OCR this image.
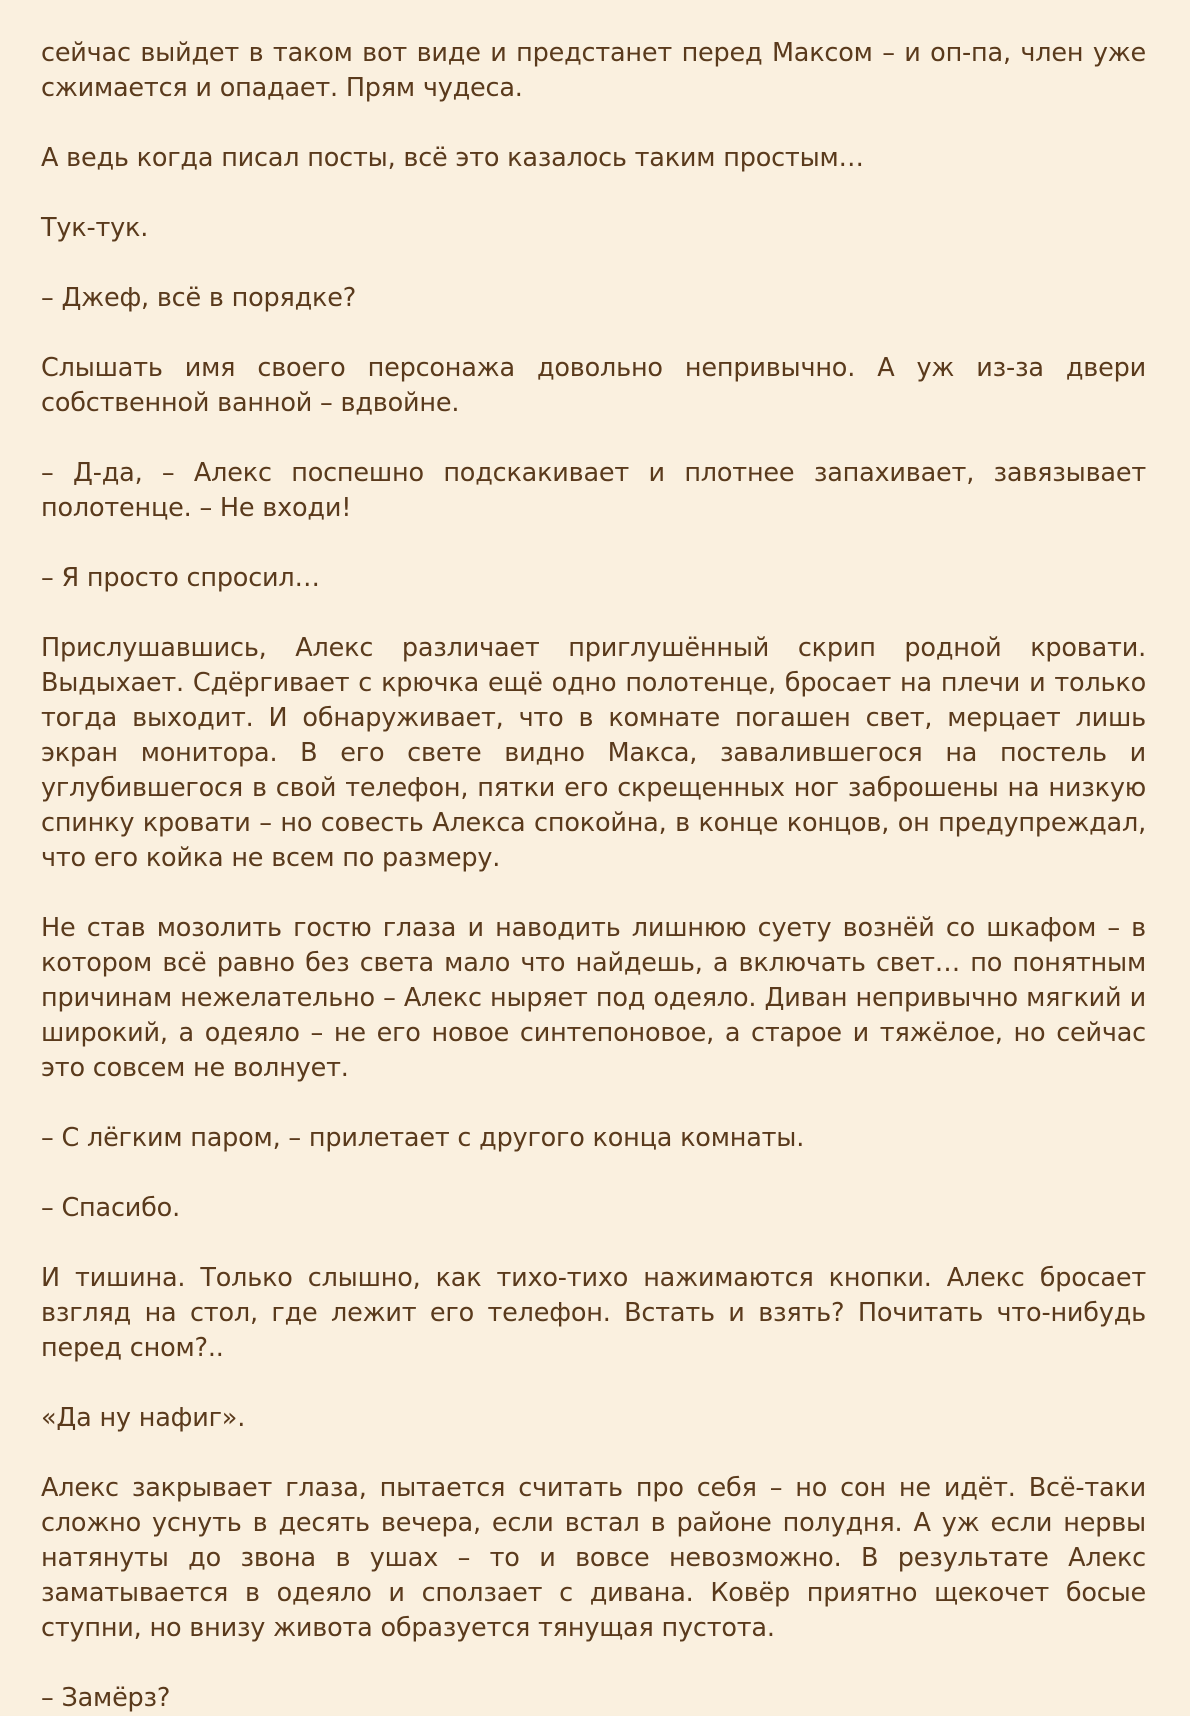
сейчас выйдет в таком вот виде и предстанет перед Максом – и оп-па, член уже сжимается и опадает. Прям чудеса.

А ведь когда писал посты, всё это казалось таким простым…

Тук-тук.

– Джеф, всё в порядке?

Слышать имя своего персонажа довольно непривычно. А уж из-за двери собственной ванной – вдвойне.

– Д-да, – Алекс поспешно подскакивает и плотнее запахивает, завязывает полотенце. – Не входи!

– Я просто спросил…

Прислушавшись, Алекс различает приглушённый скрип родной кровати. Выдыхает. Сдёргивает с крючка ещё одно полотенце, бросает на плечи и только тогда выходит. И обнаруживает, что в комнате погашен свет, мерцает лишь экран монитора. В его свете видно Макса, завалившегося на постель и углубившегося в свой телефон, пятки его скрещенных ног заброшены на низкую спинку кровати – но совесть Алекса спокойна, в конце концов, он предупреждал, что его койка не всем по размеру.

Не став мозолить гостю глаза и наводить лишнюю суету вознёй со шкафом – в котором всё равно без света мало что найдешь, а включать свет… по понятным причинам нежелательно – Алекс ныряет под одеяло. Диван непривычно мягкий и широкий, а одеяло – не его новое синтепоновое, а старое и тяжёлое, но сейчас это совсем не волнует.

– С лёгким паром, – прилетает с другого конца комнаты.

– Спасибо.

И тишина. Только слышно, как тихо-тихо нажимаются кнопки. Алекс бросает взгляд на стол, где лежит его телефон. Встать и взять? Почитать что-нибудь перед сном?..

«Да ну нафиг».

Алекс закрывает глаза, пытается считать про себя – но сон не идёт. Всё-таки сложно уснуть в десять вечера, если встал в районе полудня. А уж если нервы натянуты до звона в ушах – то и вовсе невозможно. В результате Алекс заматывается в одеяло и сползает с дивана. Ковёр приятно щекочет босые ступни, но внизу живота образуется тянущая пустота.

– Замёрз?
